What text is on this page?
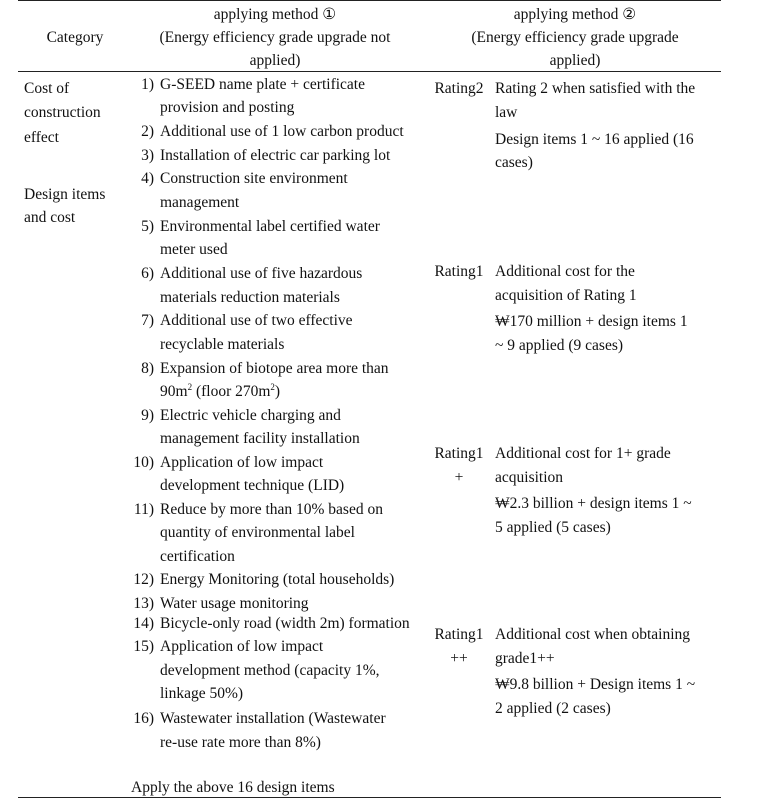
Category
applying method ①
(Energy efficiency grade upgrade not
applied)
applying method ②
(Energy efficiency grade upgrade
applied)
Cost of
construction
effect
Design items
and cost
1) G-SEED name plate + certificate
provision and posting
2) Additional use of 1 low carbon product
3) Installation of electric car parking lot
4) Construction site environment
management
5) Environmental label certified water
meter used
6) Additional use of five hazardous
materials reduction materials
7) Additional use of two effective
recyclable materials
8) Expansion of biotope area more than
$90m^2$ (floor $270m^2$)
9) Electric vehicle charging and
management facility installation
10) Application of low impact
development technique (LID)
11) Reduce by more than 10% based on
quantity of environmental label
certification
12) Energy Monitoring (total households)
13) Water usage monitoring
14) Bicycle-only road (width 2m) formation
15) Application of low impact
development method (capacity 1%,
linkage 50%)
16) Wastewater installation (Wastewater
re-use rate more than 8%)
Apply the above 16 design items
Rating2 Rating 2 when satisfied with the
law
Design items 1 ~ 16 applied (16
cases)
Rating1 Additional cost for the
acquisition of Rating 1
₩170 million + design items 1
~ 9 applied (9 cases)
Rating1
+
Additional cost for 1+ grade
acquisition
₩2.3 billion + design items 1 ~
5 applied (5 cases)
Rating1
++
Additional cost when obtaining
grade1++
₩9.8 billion + Design items 1 ~
2 applied (2 cases)
